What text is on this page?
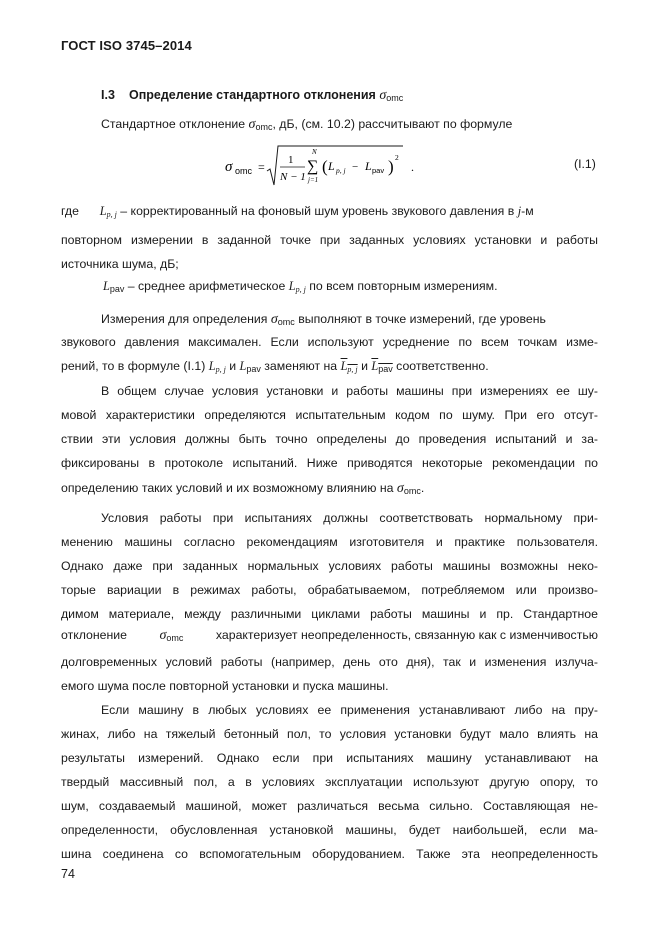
ГОСТ ISO 3745–2014
I.3 Определение стандартного отклонения σomc
Стандартное отклонение σomc, дБ, (см. 10.2) рассчитывают по формуле
σ omc = 1
N − 1
N
∑
j=1
( L p, j − L pav ) 2
.	(I.1)
где Lp, j – корректированный на фоновый шум уровень звукового давления в j-м
повторном измерении в заданной точке при заданных условиях установки и работы
источника шума, дБ;
Lpav – среднее арифметическое Lp, j по всем повторным измерениям.
Измерения для определения σomc выполняют в точке измерений, где уровень
звукового давления максимален. Если используют усреднение по всем точкам изме-
рений, то в формуле (I.1) Lp, j и Lpav заменяют на Lp, j и Lpav соответственно.
В общем случае условия установки и работы машины при измерениях ее шу-
мовой характеристики определяются испытательным кодом по шуму. При его отсут-
ствии эти условия должны быть точно определены до проведения испытаний и за-
фиксированы в протоколе испытаний. Ниже приводятся некоторые рекомендации по
определению таких условий и их возможному влиянию на σomc.
Условия работы при испытаниях должны соответствовать нормальному при-
менению машины согласно рекомендациям изготовителя и практике пользователя.
Однако даже при заданных нормальных условиях работы машины возможны неко-
торые вариации в режимах работы, обрабатываемом, потребляемом или произво-
димом материале, между различными циклами работы машины и пр. Стандартное
отклонение σomc	характеризует неопределенность, связанную как с изменчивостью
долговременных условий работы (например, день ото дня), так и изменения излуча-
емого шума после повторной установки и пуска машины.
Если машину в любых условиях ее применения устанавливают либо на пру-
жинах, либо на тяжелый бетонный пол, то условия установки будут мало влиять на
результаты измерений. Однако если при испытаниях машину устанавливают на
твердый массивный пол, а в условиях эксплуатации используют другую опору, то
шум, создаваемый машиной, может различаться весьма сильно. Составляющая не-
определенности, обусловленная установкой машины, будет наибольшей, если ма-
шина соединена со вспомогательным оборудованием. Также эта неопределенность
74
